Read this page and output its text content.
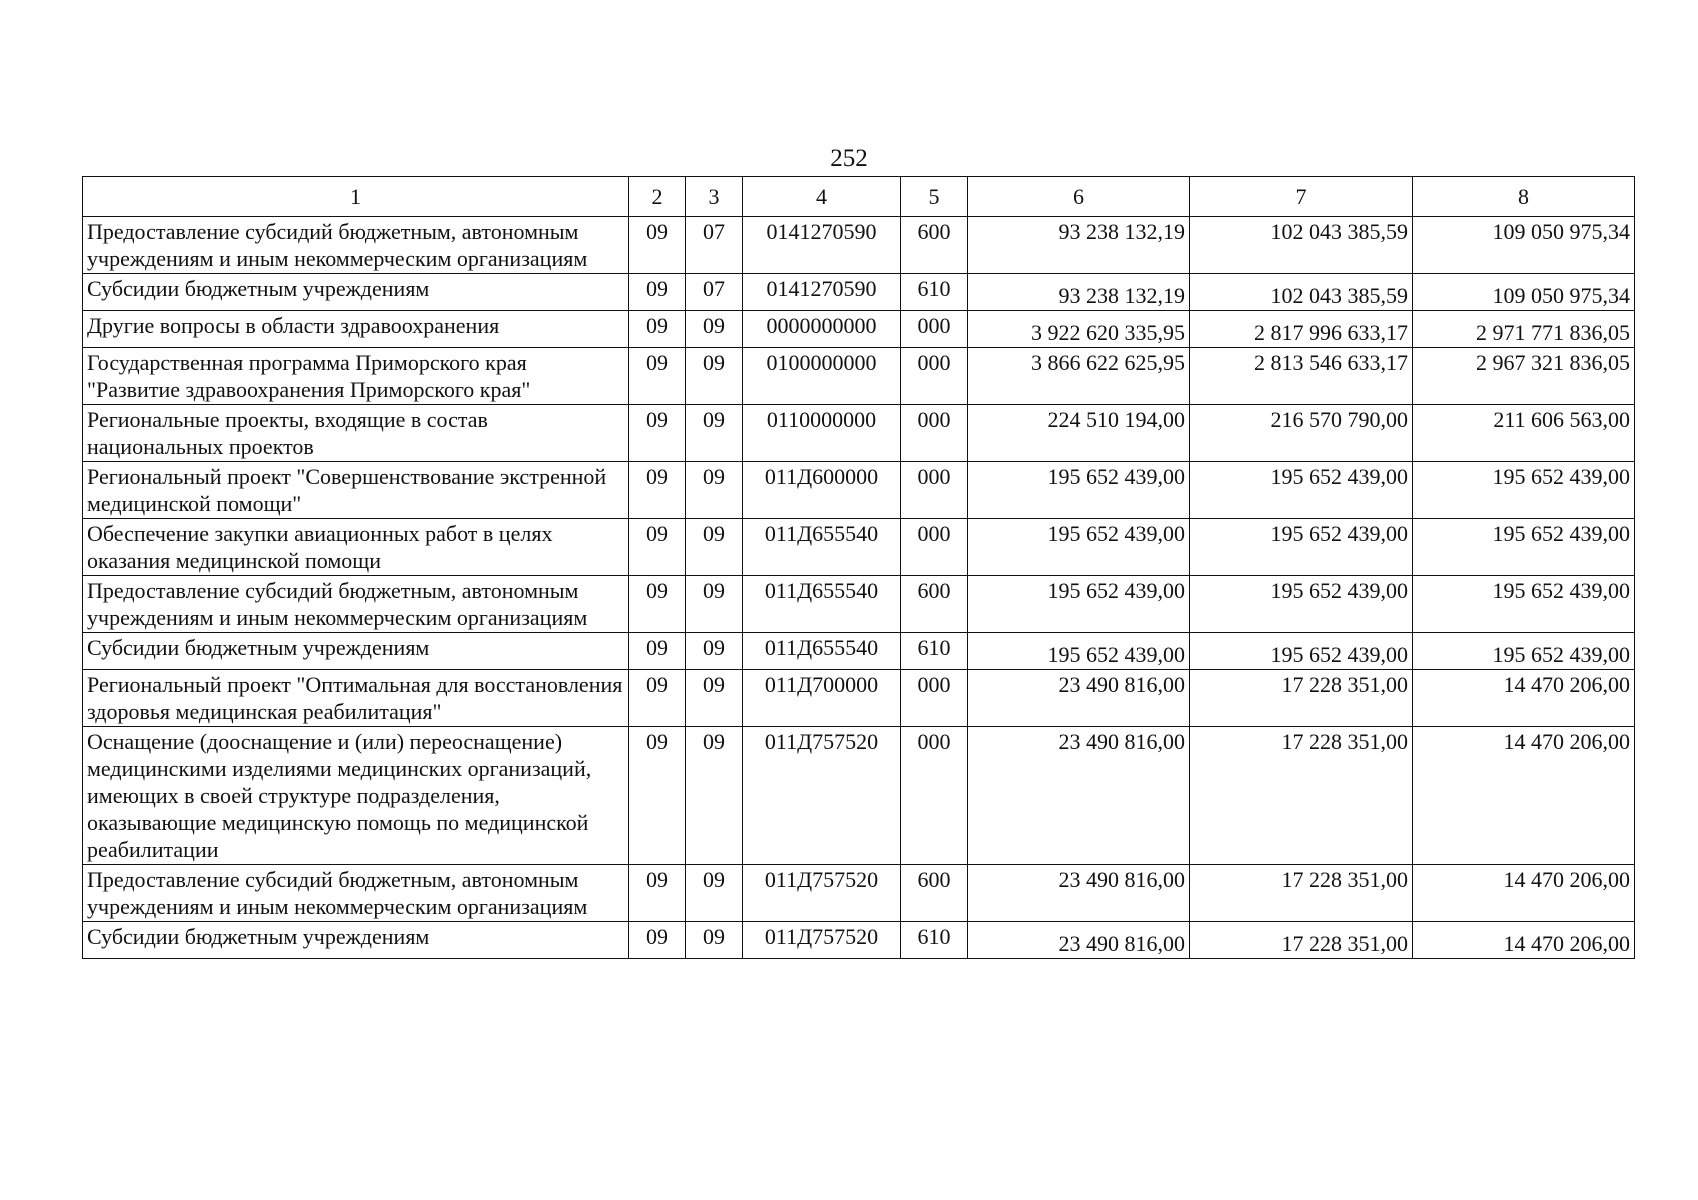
252
1	2	3	4	5	6	7	8
Предоставление субсидий бюджетным, автономным учреждениям и иным некоммерческим организациям	09	07	0141270590	600	93 238 132,19	102 043 385,59	109 050 975,34
Субсидии бюджетным учреждениям	09	07	0141270590	610	93 238 132,19	102 043 385,59	109 050 975,34
Другие вопросы в области здравоохранения	09	09	0000000000	000	3 922 620 335,95	2 817 996 633,17	2 971 771 836,05
Государственная программа Приморского края "Развитие здравоохранения Приморского края"	09	09	0100000000	000	3 866 622 625,95	2 813 546 633,17	2 967 321 836,05
Региональные проекты, входящие в состав национальных проектов	09	09	0110000000	000	224 510 194,00	216 570 790,00	211 606 563,00
Региональный проект "Совершенствование экстренной медицинской помощи"	09	09	011Д600000	000	195 652 439,00	195 652 439,00	195 652 439,00
Обеспечение закупки авиационных работ в целях оказания медицинской помощи	09	09	011Д655540	000	195 652 439,00	195 652 439,00	195 652 439,00
Предоставление субсидий бюджетным, автономным учреждениям и иным некоммерческим организациям	09	09	011Д655540	600	195 652 439,00	195 652 439,00	195 652 439,00
Субсидии бюджетным учреждениям	09	09	011Д655540	610	195 652 439,00	195 652 439,00	195 652 439,00
Региональный проект "Оптимальная для восстановления здоровья медицинская реабилитация"	09	09	011Д700000	000	23 490 816,00	17 228 351,00	14 470 206,00
Оснащение (дооснащение и (или) переоснащение) медицинскими изделиями медицинских организаций, имеющих в своей структуре подразделения, оказывающие медицинскую помощь по медицинской реабилитации	09	09	011Д757520	000	23 490 816,00	17 228 351,00	14 470 206,00
Предоставление субсидий бюджетным, автономным учреждениям и иным некоммерческим организациям	09	09	011Д757520	600	23 490 816,00	17 228 351,00	14 470 206,00
Субсидии бюджетным учреждениям	09	09	011Д757520	610	23 490 816,00	17 228 351,00	14 470 206,00
